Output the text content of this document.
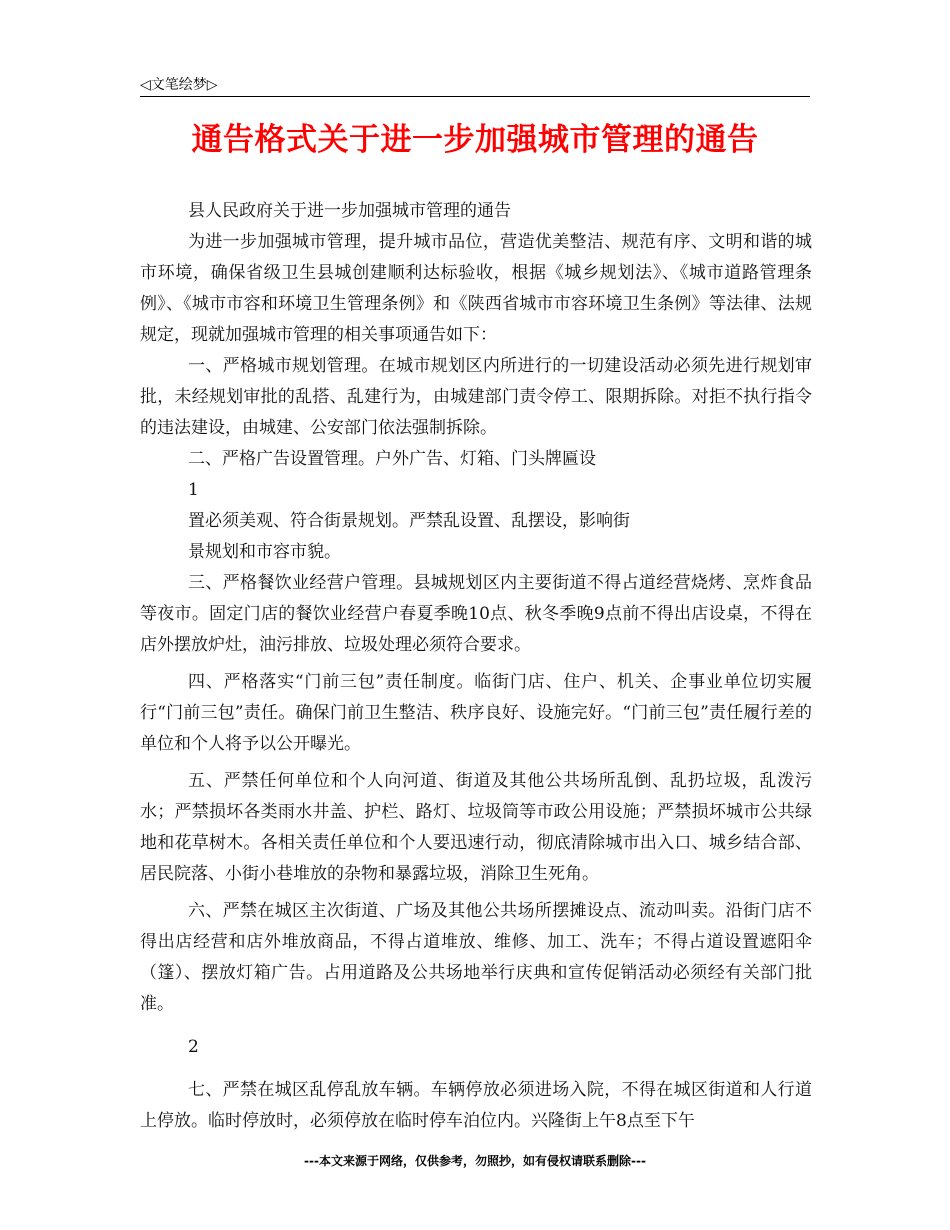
◁文笔绘梦▷
通告格式关于进一步加强城市管理的通告

县人民政府关于进一步加强城市管理的通告

为进一步加强城市管理，提升城市品位，营造优美整洁、规范有序、文明和谐的城市环境，确保省级卫生县城创建顺利达标验收，根据《城乡规划法》、《城市道路管理条例》、《城市市容和环境卫生管理条例》和《陕西省城市市容环境卫生条例》等法律、法规规定，现就加强城市管理的相关事项通告如下：

一、严格城市规划管理。在城市规划区内所进行的一切建设活动必须先进行规划审批，未经规划审批的乱搭、乱建行为，由城建部门责令停工、限期拆除。对拒不执行指令的违法建设，由城建、公安部门依法强制拆除。

二、严格广告设置管理。户外广告、灯箱、门头牌匾设

1

置必须美观、符合街景规划。严禁乱设置、乱摆设，影响街

景规划和市容市貌。

三、严格餐饮业经营户管理。县城规划区内主要街道不得占道经营烧烤、烹炸食品等夜市。固定门店的餐饮业经营户春夏季晚10点、秋冬季晚9点前不得出店设桌，不得在店外摆放炉灶，油污排放、垃圾处理必须符合要求。

四、严格落实“门前三包”责任制度。临街门店、住户、机关、企事业单位切实履行“门前三包”责任。确保门前卫生整洁、秩序良好、设施完好。“门前三包”责任履行差的单位和个人将予以公开曝光。

五、严禁任何单位和个人向河道、街道及其他公共场所乱倒、乱扔垃圾，乱泼污水；严禁损坏各类雨水井盖、护栏、路灯、垃圾筒等市政公用设施；严禁损坏城市公共绿地和花草树木。各相关责任单位和个人要迅速行动，彻底清除城市出入口、城乡结合部、居民院落、小街小巷堆放的杂物和暴露垃圾，消除卫生死角。

六、严禁在城区主次街道、广场及其他公共场所摆摊设点、流动叫卖。沿街门店不得出店经营和店外堆放商品，不得占道堆放、维修、加工、洗车；不得占道设置遮阳伞（篷）、摆放灯箱广告。占用道路及公共场地举行庆典和宣传促销活动必须经有关部门批准。

2

七、严禁在城区乱停乱放车辆。车辆停放必须进场入院，不得在城区街道和人行道上停放。临时停放时，必须停放在临时停车泊位内。兴隆街上午8点至下午

---本文来源于网络，仅供参考，勿照抄，如有侵权请联系删除---
